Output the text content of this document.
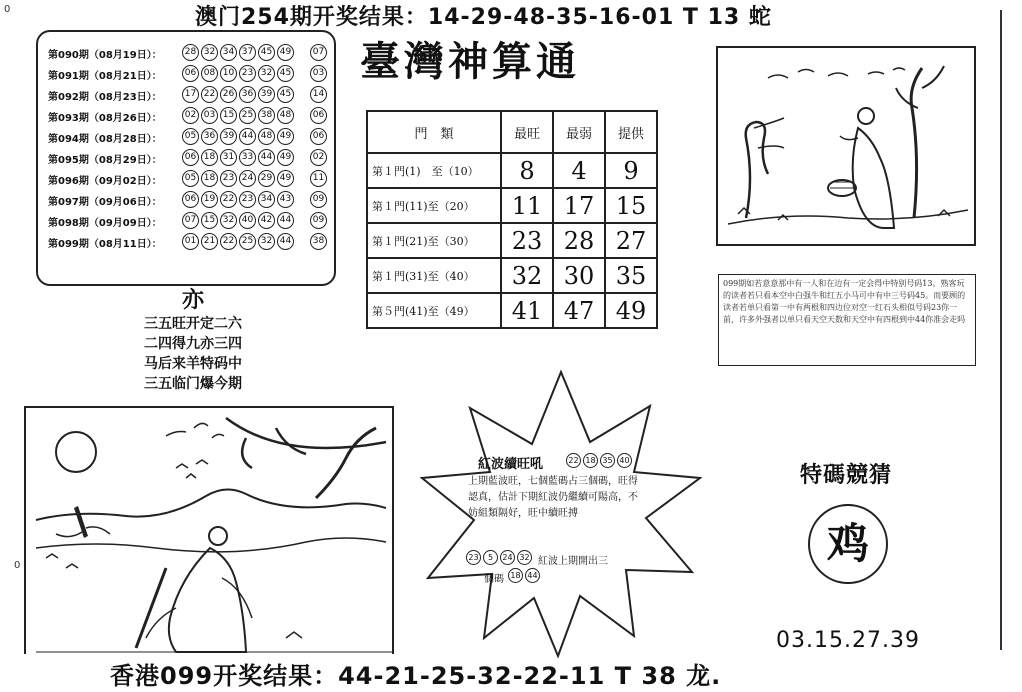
0
0
澳门254期开奖结果：14-29-48-35-16-01 T 13 蛇
第090期（08月19日）：	28 32 34 37 45 49	07
第091期（08月21日）：	06 08 10 23 32 45	03
第092期（08月23日）：	17 22 26 36 39 45	14
第093期（08月26日）：	02 03 15 25 38 48	06
第094期（08月28日）：	05 36 39 44 48 49	06
第095期（08月29日）：	06 18 31 33 44 49	02
第096期（09月02日）：	05 18 23 24 29 49	11
第097期（09月06日）：	06 19 22 23 34 43	09
第098期（09月09日）：	07 15 32 40 42 44	09
第099期（08月11日）：	01 21 22 25 32 44	38
臺灣神算通
門　類	最旺	最弱	提供
第１門(1)　至（10）	8	4	9
第１門(11)至（20）	11	17	15
第１門(21)至（30）	23	28	27
第１門(31)至（40）	32	30	35
第５門(41)至（49）	41	47	49
亦
三五旺开定二六
二四得九亦三四
马后来羊特码中
三五临门爆今期
099期如若意意那中有一人和在边有一定会得中特别号码13。熟客玩的读者若只看本空中白强牛和红五小马可中有中三号码45。而要顾的读者若单只看第一中有两根和四边位对空一红石头相似号码23你一前，许多外强者以单只看天空天数和天空中有四根到中44你准会走吗
紅波續旺吼	22 18 35 40
上期藍波旺，七個藍碼占三個碼，旺得認真，估計下期紅波仍繼續可陽高，不妨組類隔好，旺中續旺搏
23	5	24 32 紅波上期開出三
個碼 18 44
特碼競猜
鸡
03.15.27.39
香港099开奖结果：44-21-25-32-22-11 T 38 龙.
